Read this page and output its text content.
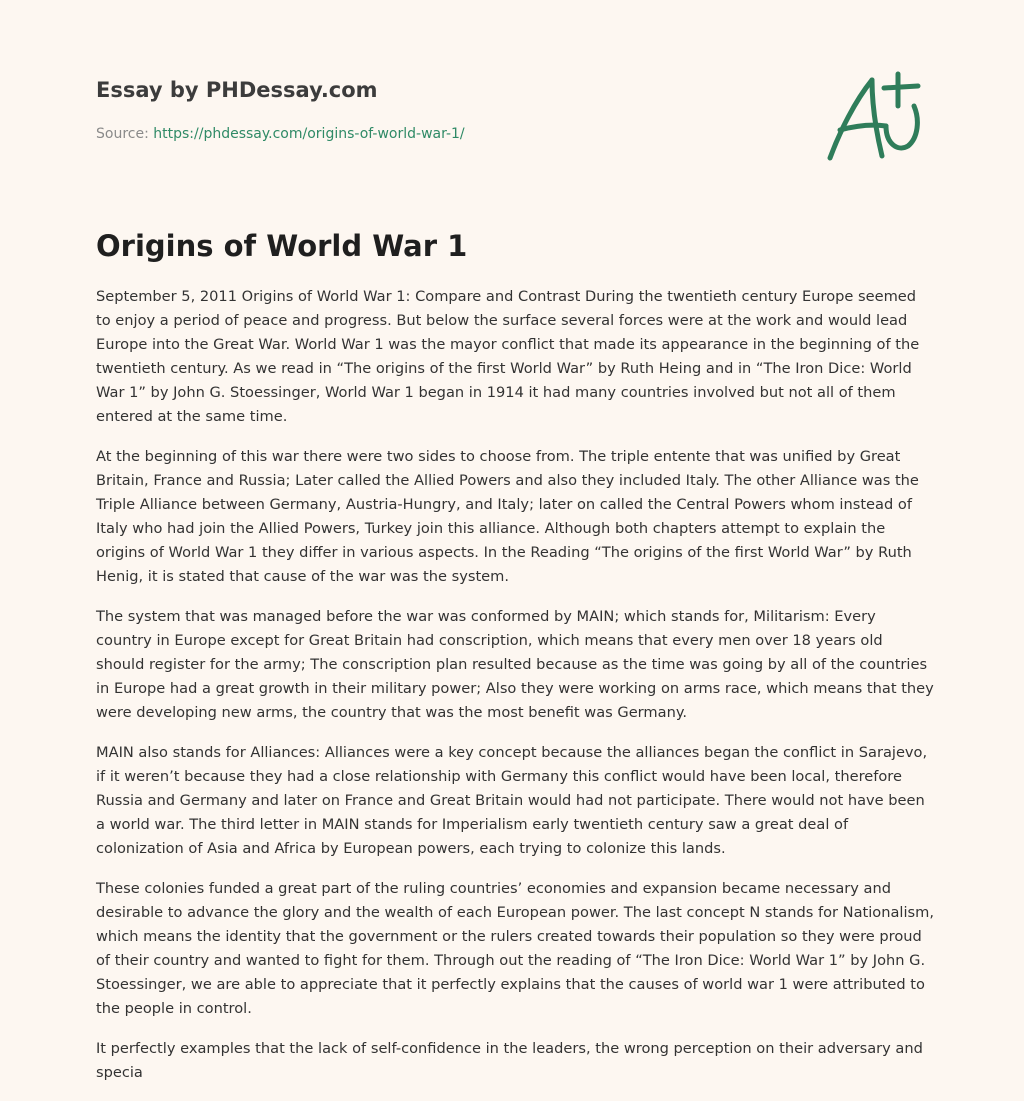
Essay by PHDessay.com
Source: https://phdessay.com/origins-of-world-war-1/
Origins of World War 1

September 5, 2011 Origins of World War 1: Compare and Contrast During the twentieth century Europe seemed to enjoy a period of peace and progress. But below the surface several forces were at the work and would lead Europe into the Great War. World War 1 was the mayor conflict that made its appearance in the beginning of the twentieth century. As we read in “The origins of the first World War” by Ruth Heing and in “The Iron Dice: World War 1” by John G. Stoessinger, World War 1 began in 1914 it had many countries involved but not all of them entered at the same time.

At the beginning of this war there were two sides to choose from. The triple entente that was unified by Great Britain, France and Russia; Later called the Allied Powers and also they included Italy. The other Alliance was the Triple Alliance between Germany, Austria-Hungry, and Italy; later on called the Central Powers whom instead of Italy who had join the Allied Powers, Turkey join this alliance. Although both chapters attempt to explain the origins of World War 1 they differ in various aspects. In the Reading “The origins of the first World War” by Ruth Henig, it is stated that cause of the war was the system.

The system that was managed before the war was conformed by MAIN; which stands for, Militarism: Every country in Europe except for Great Britain had conscription, which means that every men over 18 years old should register for the army; The conscription plan resulted because as the time was going by all of the countries in Europe had a great growth in their military power; Also they were working on arms race, which means that they were developing new arms, the country that was the most benefit was Germany.

MAIN also stands for Alliances: Alliances were a key concept because the alliances began the conflict in Sarajevo, if it weren’t because they had a close relationship with Germany this conflict would have been local, therefore Russia and Germany and later on France and Great Britain would had not participate. There would not have been a world war. The third letter in MAIN stands for Imperialism early twentieth century saw a great deal of colonization of Asia and Africa by European powers, each trying to colonize this lands.

These colonies funded a great part of the ruling countries’ economies and expansion became necessary and desirable to advance the glory and the wealth of each European power. The last concept N stands for Nationalism, which means the identity that the government or the rulers created towards their population so they were proud of their country and wanted to fight for them. Through out the reading of “The Iron Dice: World War 1” by John G. Stoessinger, we are able to appreciate that it perfectly explains that the causes of world war 1 were attributed to the people in control.

It perfectly examples that the lack of self-confidence in the leaders, the wrong perception on their adversary and specia
